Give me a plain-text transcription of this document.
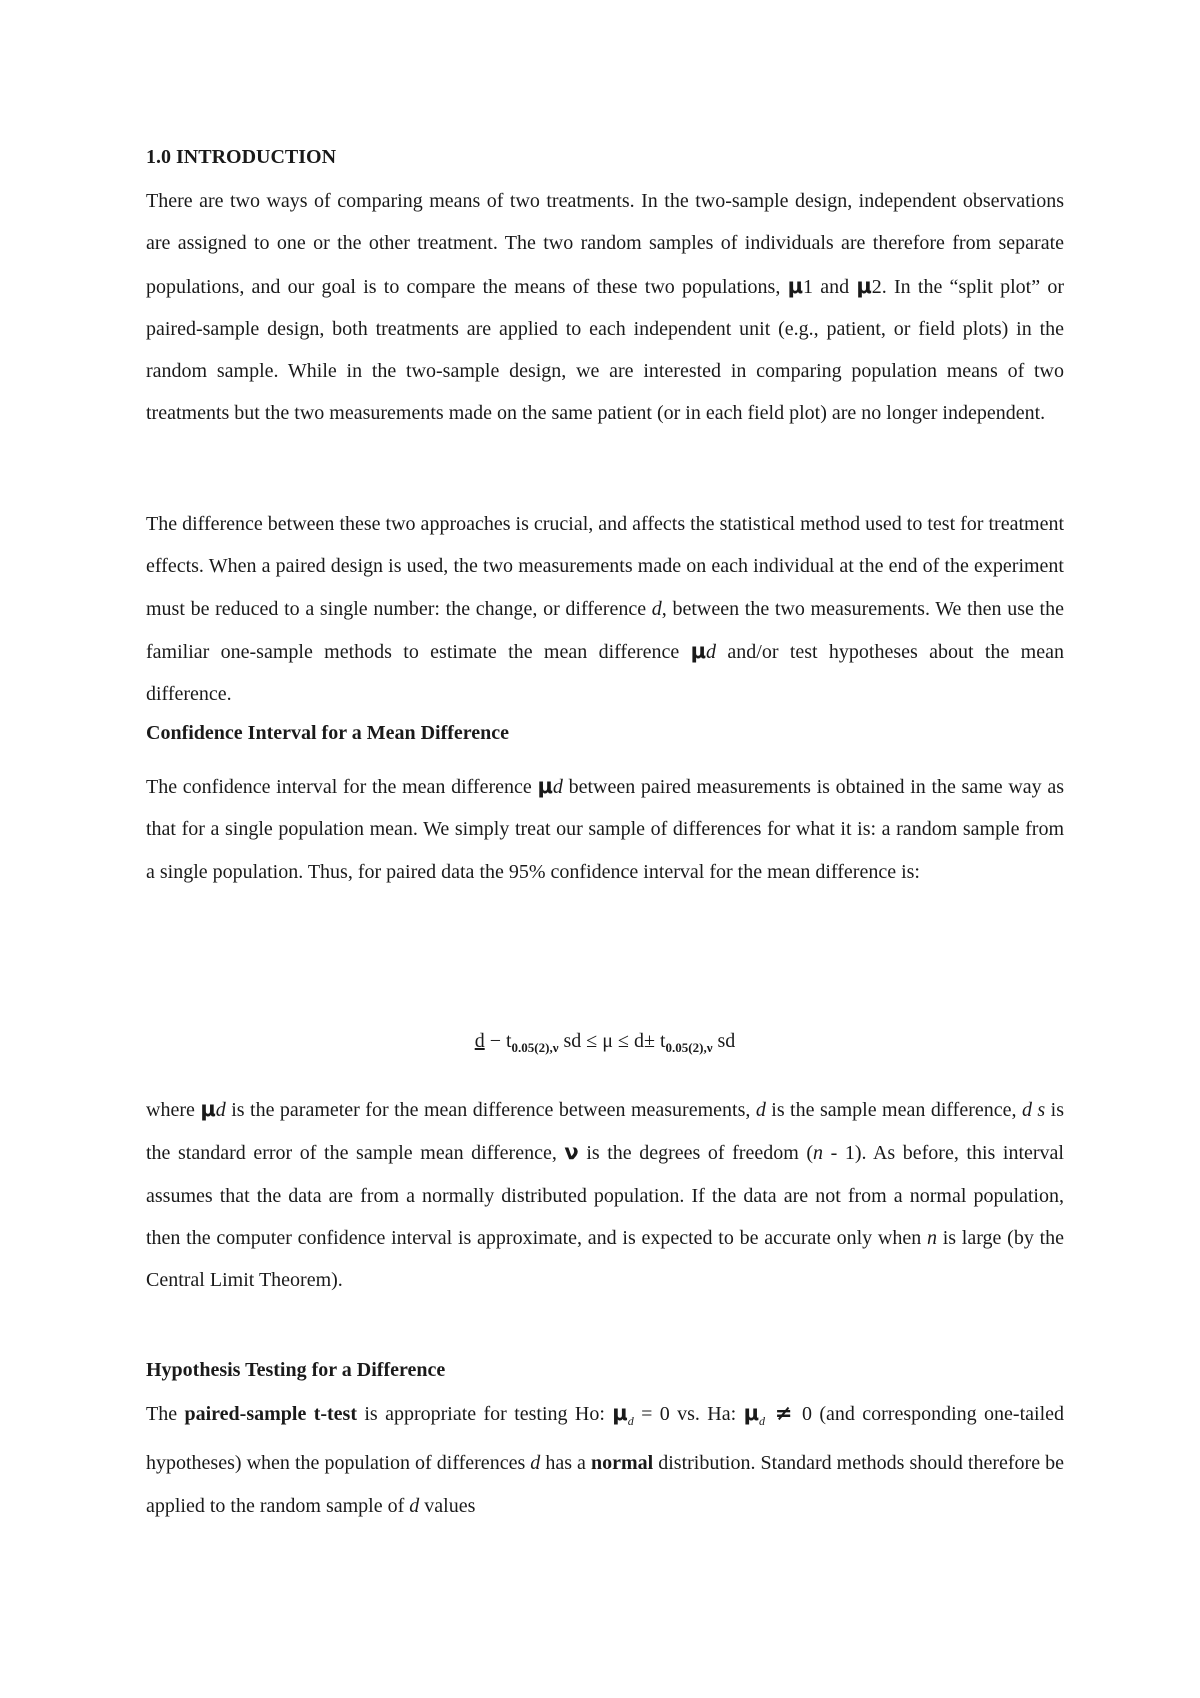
1.0 INTRODUCTION
There are two ways of comparing means of two treatments. In the two-sample design, independent observations are assigned to one or the other treatment. The two random samples of individuals are therefore from separate populations, and our goal is to compare the means of these two populations, μ1 and μ2. In the “split plot” or paired-sample design, both treatments are applied to each independent unit (e.g., patient, or field plots) in the random sample. While in the two-sample design, we are interested in comparing population means of two treatments but the two measurements made on the same patient (or in each field plot) are no longer independent.
The difference between these two approaches is crucial, and affects the statistical method used to test for treatment effects. When a paired design is used, the two measurements made on each individual at the end of the experiment must be reduced to a single number: the change, or difference d, between the two measurements. We then use the familiar one-sample methods to estimate the mean difference μd and/or test hypotheses about the mean difference.
Confidence Interval for a Mean Difference
The confidence interval for the mean difference μd between paired measurements is obtained in the same way as that for a single population mean. We simply treat our sample of differences for what it is: a random sample from a single population. Thus, for paired data the 95% confidence interval for the mean difference is:
$d - t_{0.05(2),\nu}$ sd ≤ $\mu \le d\pm t_{0.05(2),\nu}$ sd
where μd is the parameter for the mean difference between measurements, d is the sample mean difference, d s is the standard error of the sample mean difference, ν is the degrees of freedom (n - 1). As before, this interval assumes that the data are from a normally distributed population. If the data are not from a normal population, then the computer confidence interval is approximate, and is expected to be accurate only when n is large (by the Central Limit Theorem).
Hypothesis Testing for a Difference
The paired-sample t-test is appropriate for testing Ho: $\mu_d = 0$ vs. Ha: $\mu_d \ne 0$ (and corresponding one-tailed hypotheses) when the population of differences d has a normal distribution. Standard methods should therefore be applied to the random sample of d values
